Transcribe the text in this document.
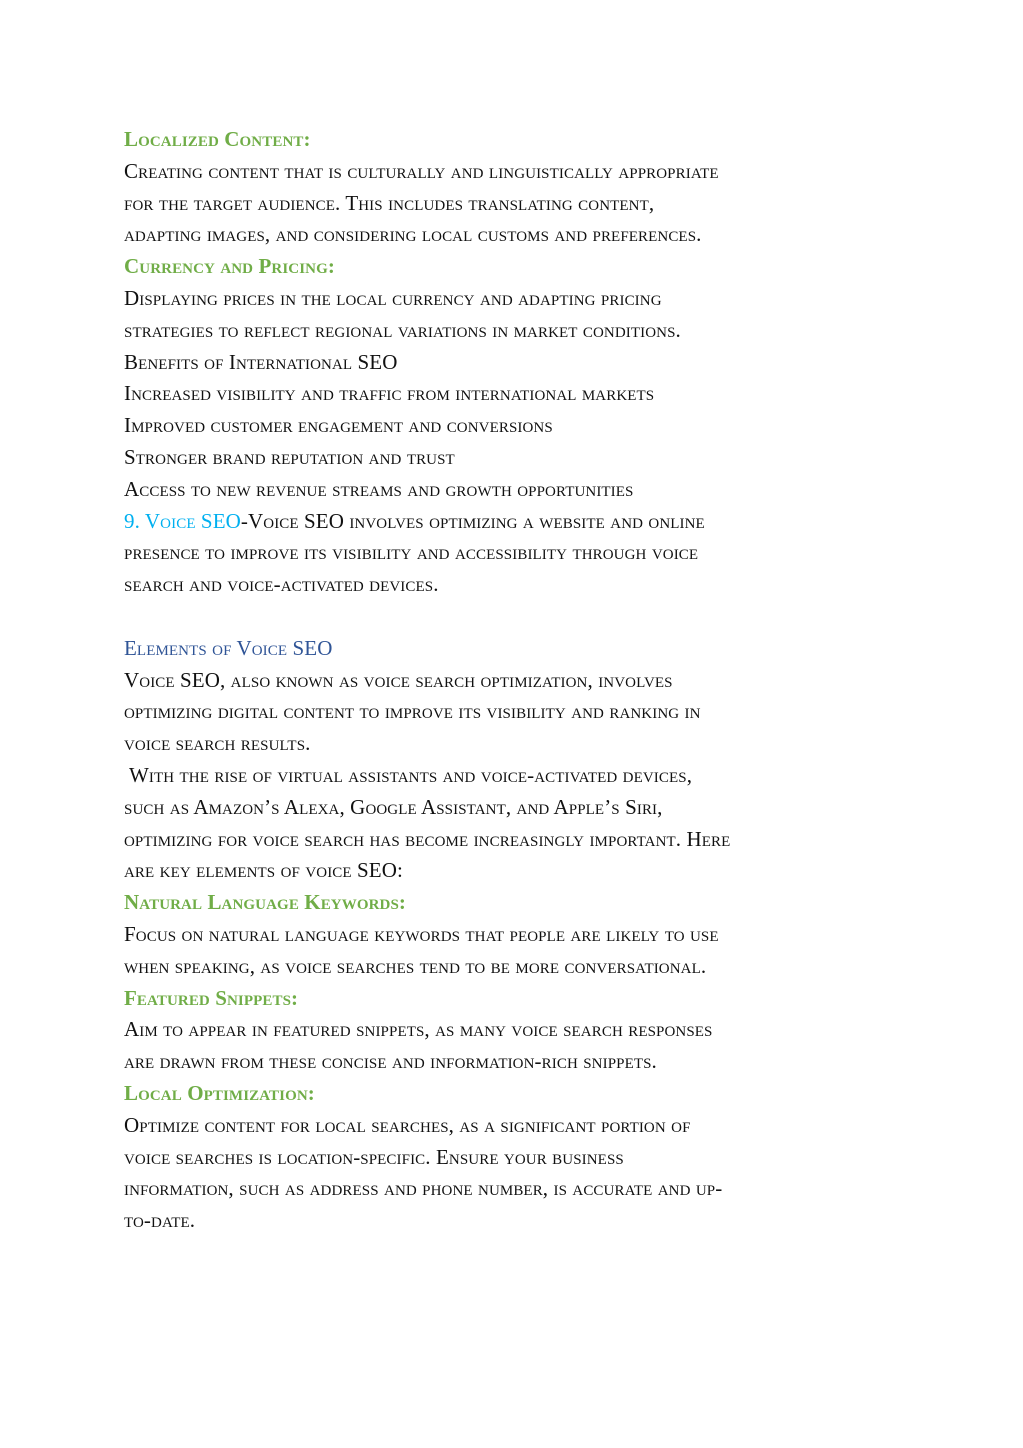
Localized Content:
Creating content that is culturally and linguistically appropriate
for the target audience. This includes translating content,
adapting images, and considering local customs and preferences.
Currency and Pricing:
Displaying prices in the local currency and adapting pricing
strategies to reflect regional variations in market conditions.
Benefits of International SEO
Increased visibility and traffic from international markets
Improved customer engagement and conversions
Stronger brand reputation and trust
Access to new revenue streams and growth opportunities
9. Voice SEO-Voice SEO involves optimizing a website and online
presence to improve its visibility and accessibility through voice
search and voice-activated devices.
Elements of Voice SEO
Voice SEO, also known as voice search optimization, involves
optimizing digital content to improve its visibility and ranking in
voice search results.
With the rise of virtual assistants and voice-activated devices,
such as Amazon’s Alexa, Google Assistant, and Apple’s Siri,
optimizing for voice search has become increasingly important. Here
are key elements of voice SEO:
Natural Language Keywords:
Focus on natural language keywords that people are likely to use
when speaking, as voice searches tend to be more conversational.
Featured Snippets:
Aim to appear in featured snippets, as many voice search responses
are drawn from these concise and information-rich snippets.
Local Optimization:
Optimize content for local searches, as a significant portion of
voice searches is location-specific. Ensure your business
information, such as address and phone number, is accurate and up-
to-date.
